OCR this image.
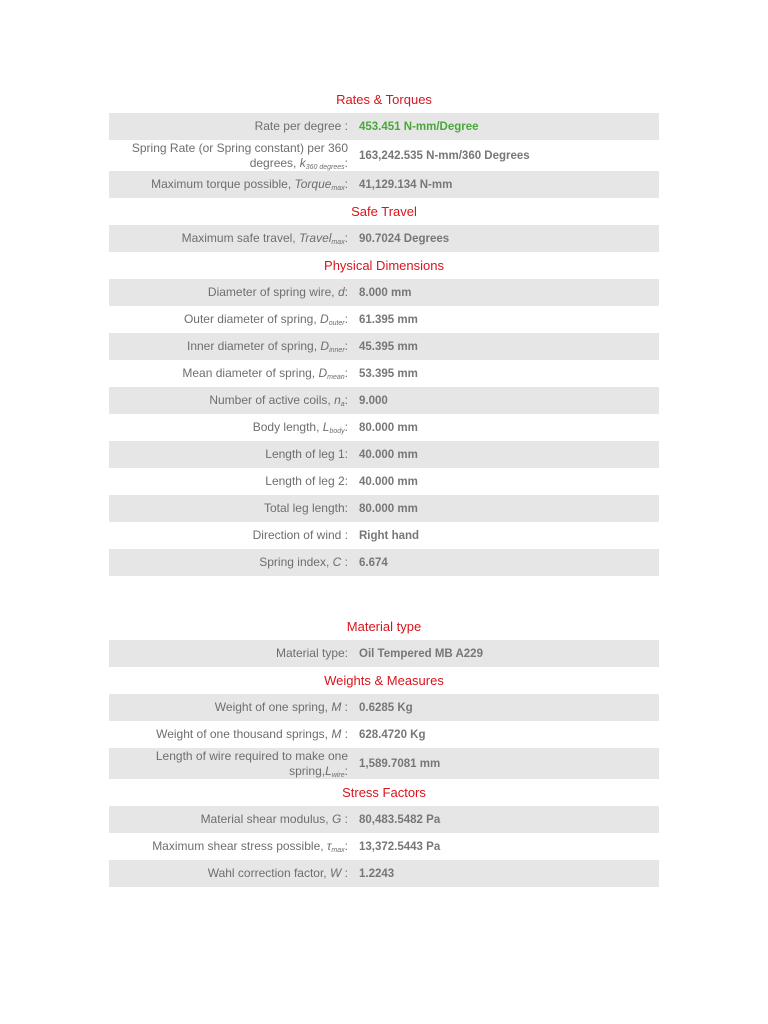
Rates & Torques
Rate per degree : 453.451 N-mm/Degree
Spring Rate (or Spring constant) per 360 degrees, $k_{360 degrees}$: 163,242.535 N-mm/360 Degrees
Maximum torque possible, Torque$_{max}$: 41,129.134 N-mm
Safe Travel
Maximum safe travel, Travel$_{max}$: 90.7024 Degrees
Physical Dimensions
Diameter of spring wire, d: 8.000 mm
Outer diameter of spring, $D_{outer}$: 61.395 mm
Inner diameter of spring, $D_{inner}$: 45.395 mm
Mean diameter of spring, $D_{mean}$: 53.395 mm
Number of active coils, $n_a$: 9.000
Body length, $L_{body}$: 80.000 mm
Length of leg 1: 40.000 mm
Length of leg 2: 40.000 mm
Total leg length: 80.000 mm
Direction of wind : Right hand
Spring index, C : 6.674
Material type
Material type: Oil Tempered MB A229
Weights & Measures
Weight of one spring, M : 0.6285 Kg
Weight of one thousand springs, M : 628.4720 Kg
Length of wire required to make one $spring,L_{wire}$: 1,589.7081 mm
Stress Factors
Material shear modulus, G : 80,483.5482 Pa
Maximum shear stress possible, $\tau_{max}$: 13,372.5443 Pa
Wahl correction factor, W : 1.2243
